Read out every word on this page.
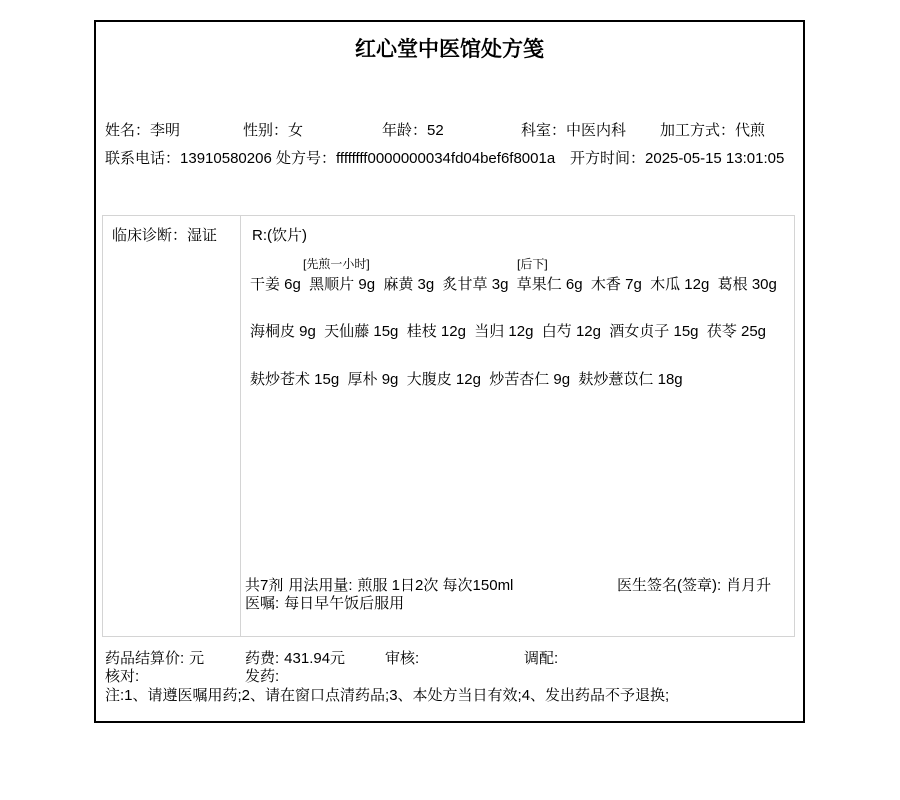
红心堂中医馆处方笺
姓名 ： 李明	性别 ： 女	年龄 ： 52	科室 ： 中医内科 加工方式 ： 代煎
联系电话 ： 13910580206 处方号 ： ffffffff0000000034fd04bef6f8001a 开方时间 ： 2025-05-15 13:01:05
临床诊断 ： 湿证 R:(饮片)
[先煎一小时]	[后下]
干姜 6g  黑顺片 9g  麻黄 3g  炙甘草 3g  草果仁 6g  木香 7g  木瓜 12g  葛根 30g
海桐皮 9g  天仙藤 15g  桂枝 12g  当归 12g  白芍 12g  酒女贞子 15g  茯苓 25g
麸炒苍术 15g  厚朴 9g  大腹皮 12g  炒苦杏仁 9g  麸炒薏苡仁 18g
共7剂 用法用量: 煎服 1日2次 每次150ml	医生签名(签章): 肖月升
医嘱: 每日早午饭后服用
药品结算价: 元	药费: 431.94元	审核:	调配:
核对:	发药:
注:1、请遵医嘱用药;2、请在窗口点清药品;3、本处方当日有效;4、发出药品不予退换;
